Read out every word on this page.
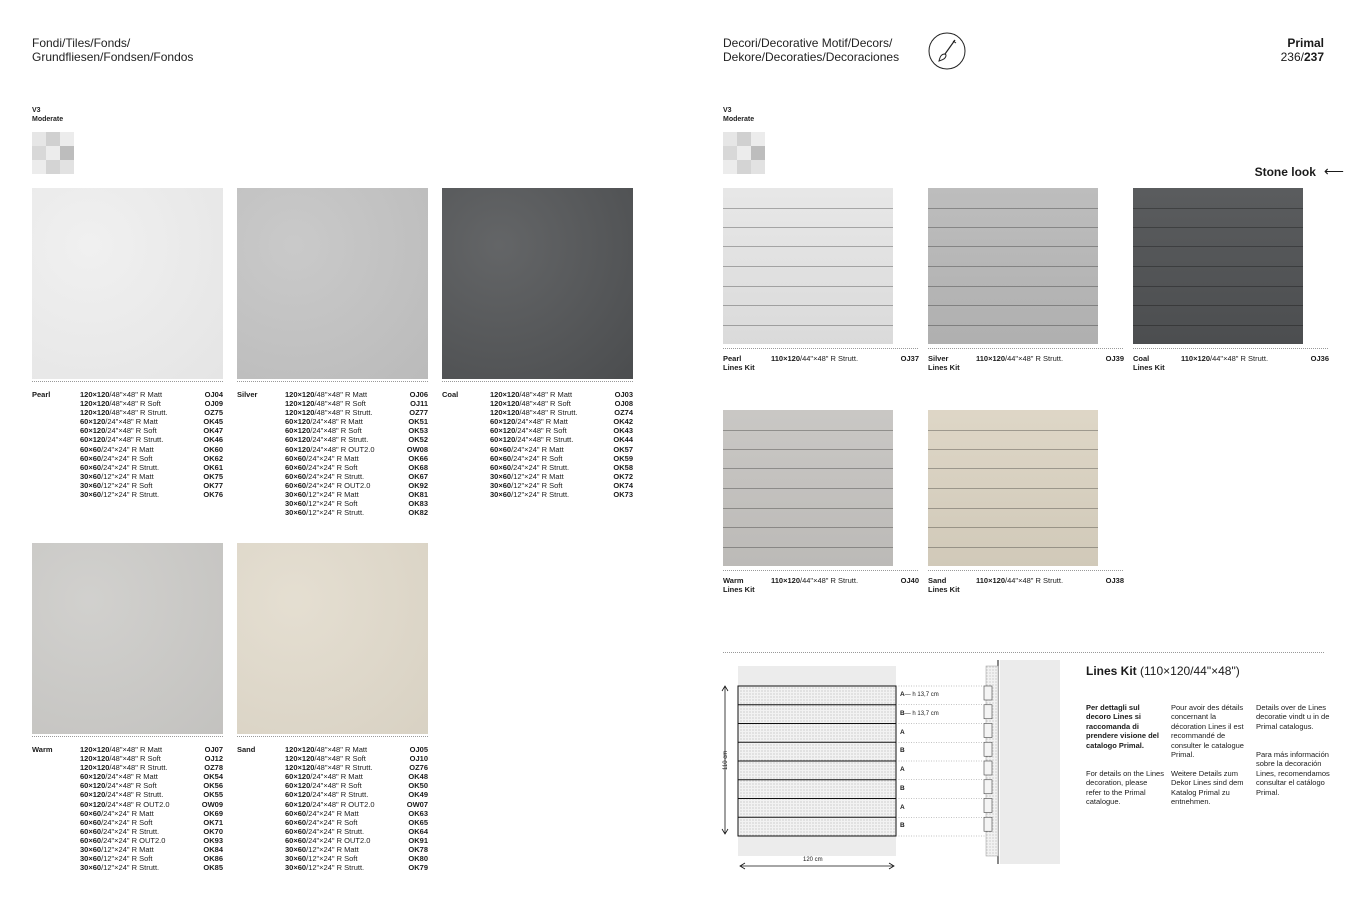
Fondi/Tiles/Fonds/
Grundfliesen/Fondsen/Fondos
Decori/Decorative Motif/Decors/
Dekore/Decoraties/Decoraciones
Primal
236/237
V3
Moderate
V3
Moderate
Stone look ⟵
Pearl	120×120/48"×48" R Matt	OJ04
120×120/48"×48" R Soft	OJ09
120×120/48"×48" R Strutt.	OZ75
60×120/24"×48" R Matt	OK45
60×120/24"×48" R Soft	OK47
60×120/24"×48" R Strutt.	OK46
60×60/24"×24" R Matt	OK60
60×60/24"×24" R Soft	OK62
60×60/24"×24" R Strutt.	OK61
30×60/12"×24" R Matt	OK75
30×60/12"×24" R Soft	OK77
30×60/12"×24" R Strutt.	OK76
Silver	120×120/48"×48" R Matt	OJ06
120×120/48"×48" R Soft	OJ11
120×120/48"×48" R Strutt.	OZ77
60×120/24"×48" R Matt	OK51
60×120/24"×48" R Soft	OK53
60×120/24"×48" R Strutt.	OK52
60×120/24"×48" R OUT2.0	OW08
60×60/24"×24" R Matt	OK66
60×60/24"×24" R Soft	OK68
60×60/24"×24" R Strutt.	OK67
60×60/24"×24" R OUT2.0	OK92
30×60/12"×24" R Matt	OK81
30×60/12"×24" R Soft	OK83
30×60/12"×24" R Strutt.	OK82
Coal	120×120/48"×48" R Matt	OJ03
120×120/48"×48" R Soft	OJ08
120×120/48"×48" R Strutt.	OZ74
60×120/24"×48" R Matt	OK42
60×120/24"×48" R Soft	OK43
60×120/24"×48" R Strutt.	OK44
60×60/24"×24" R Matt	OK57
60×60/24"×24" R Soft	OK59
60×60/24"×24" R Strutt.	OK58
30×60/12"×24" R Matt	OK72
30×60/12"×24" R Soft	OK74
30×60/12"×24" R Strutt.	OK73
Warm	120×120/48"×48" R Matt	OJ07
120×120/48"×48" R Soft	OJ12
120×120/48"×48" R Strutt.	OZ78
60×120/24"×48" R Matt	OK54
60×120/24"×48" R Soft	OK56
60×120/24"×48" R Strutt.	OK55
60×120/24"×48" R OUT2.0	OW09
60×60/24"×24" R Matt	OK69
60×60/24"×24" R Soft	OK71
60×60/24"×24" R Strutt.	OK70
60×60/24"×24" R OUT2.0	OK93
30×60/12"×24" R Matt	OK84
30×60/12"×24" R Soft	OK86
30×60/12"×24" R Strutt.	OK85
Sand	120×120/48"×48" R Matt	OJ05
120×120/48"×48" R Soft	OJ10
120×120/48"×48" R Strutt.	OZ76
60×120/24"×48" R Matt	OK48
60×120/24"×48" R Soft	OK50
60×120/24"×48" R Strutt.	OK49
60×120/24"×48" R OUT2.0	OW07
60×60/24"×24" R Matt	OK63
60×60/24"×24" R Soft	OK65
60×60/24"×24" R Strutt.	OK64
60×60/24"×24" R OUT2.0	OK91
30×60/12"×24" R Matt	OK78
30×60/12"×24" R Soft	OK80
30×60/12"×24" R Strutt.	OK79
Pearl
Lines Kit
110×120/44"×48" R Strutt.	OJ37 Silver
Lines Kit
110×120/44"×48" R Strutt.	OJ39 Coal
Lines Kit
110×120/44"×48" R Strutt.	OJ36
Warm
Lines Kit
110×120/44"×48" R Strutt.	OJ40 Sand
Lines Kit
110×120/44"×48" R Strutt.	OJ38
A— h 13,7 cm
B— h 13,7 cm
A
B
A
B
A
B
110 cm
120 cm
Lines Kit (110×120/44"×48")
Per dettagli sul decoro Lines si raccomanda di prendere visione del catalogo Primal.
For details on the Lines decoration, please refer to the Primal catalogue.
Pour avoir des détails concernant la décoration Lines il est recommandé de consulter le catalogue Primal.
Weitere Details zum Dekor Lines sind dem Katalog Primal zu entnehmen.
Details over de Lines decoratie vindt u in de Primal catalogus.
Para más información sobre la decoración Lines, recomendamos consultar el catálogo Primal.
